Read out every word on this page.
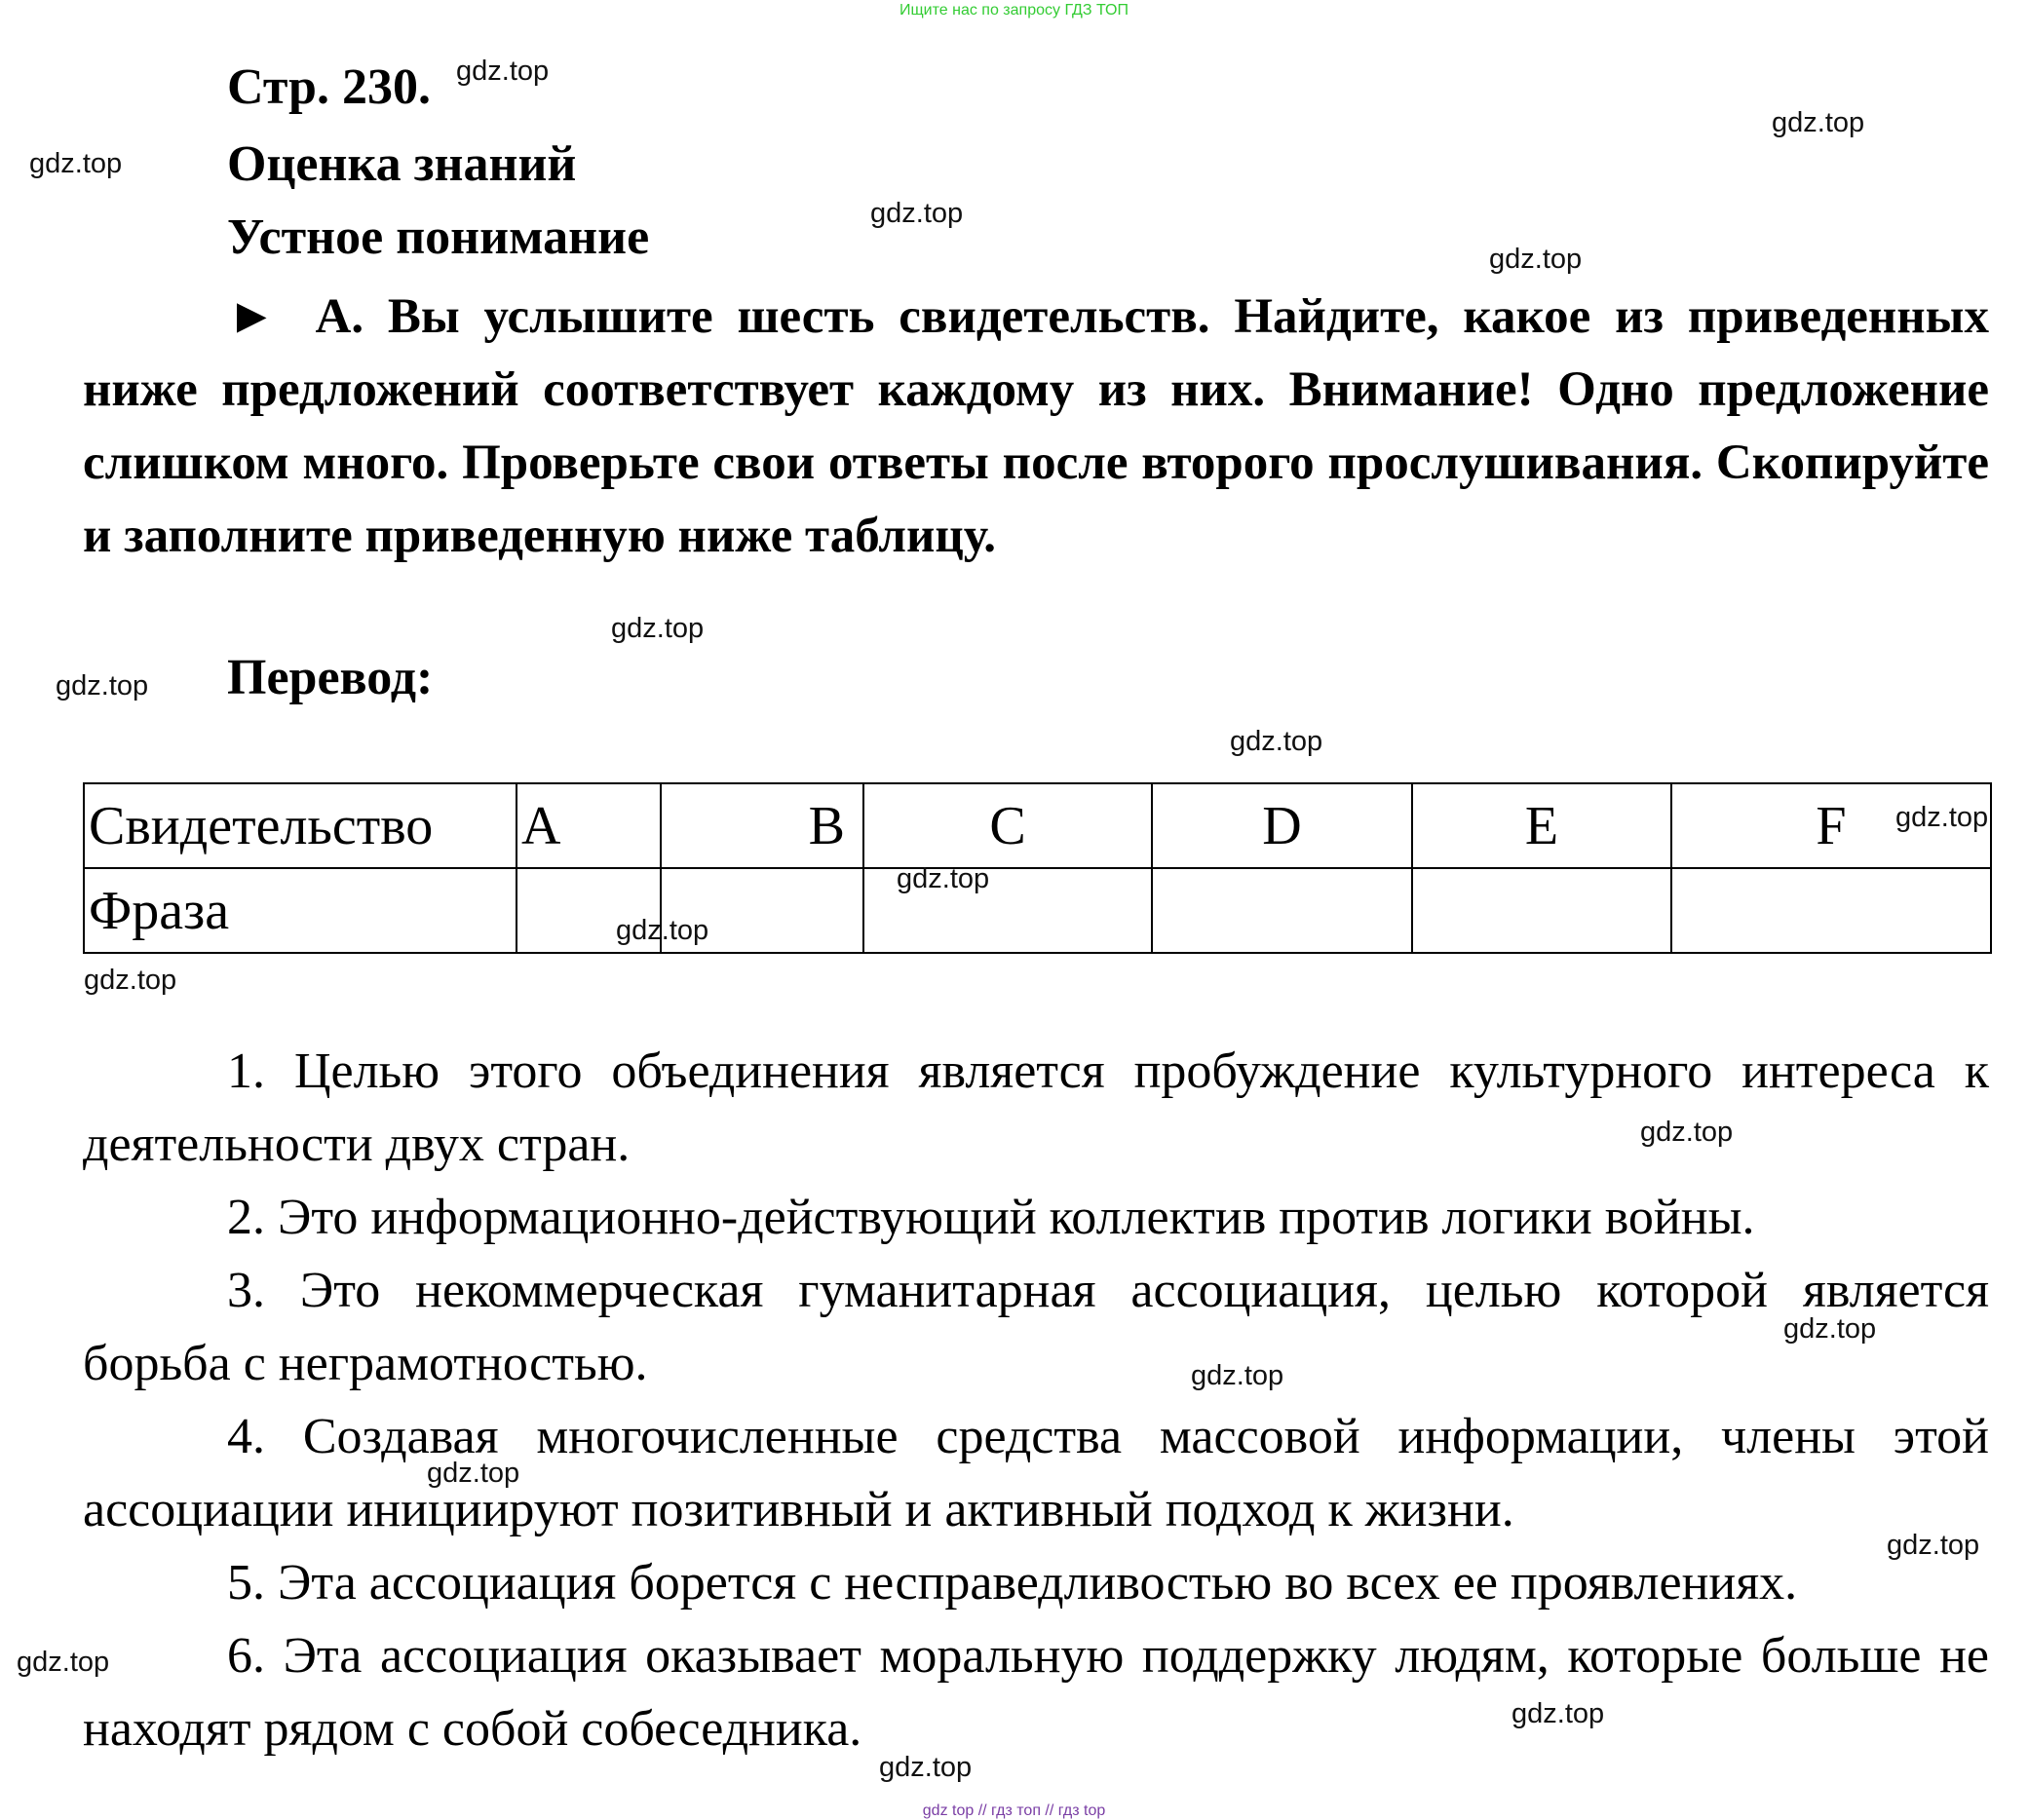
Ищите нас по запросу ГДЗ ТОП
Стр. 230.
Оценка знаний
Устное понимание
► A. Вы услышите шесть свидетельств. Найдите, какое из приведенных ниже предложений соответствует каждому из них. Внимание! Одно предложение слишком много. Проверьте свои ответы после второго прослушивания. Скопируйте и заполните приведенную ниже таблицу.
Перевод:
Свидетельство	A	B	C	D	E	F
Фраза						

1. Целью этого объединения является пробуждение культурного интереса к деятельности двух стран.

2. Это информационно-действующий коллектив против логики войны.

3. Это некоммерческая гуманитарная ассоциация, целью которой является борьба с неграмотностью.

4. Создавая многочисленные средства массовой информации, члены этой ассоциации инициируют позитивный и активный подход к жизни.

5. Эта ассоциация борется с несправедливостью во всех ее проявлениях.

6. Эта ассоциация оказывает моральную поддержку людям, которые больше не находят рядом с собой собеседника.

gdz.top
gdz.top
gdz.top
gdz.top
gdz.top
gdz.top
gdz.top
gdz.top
gdz.top
gdz.top
gdz.top
gdz.top
gdz.top
gdz.top
gdz.top
gdz.top
gdz.top
gdz.top
gdz.top
gdz.top
gdz top // гдз топ // гдз top
